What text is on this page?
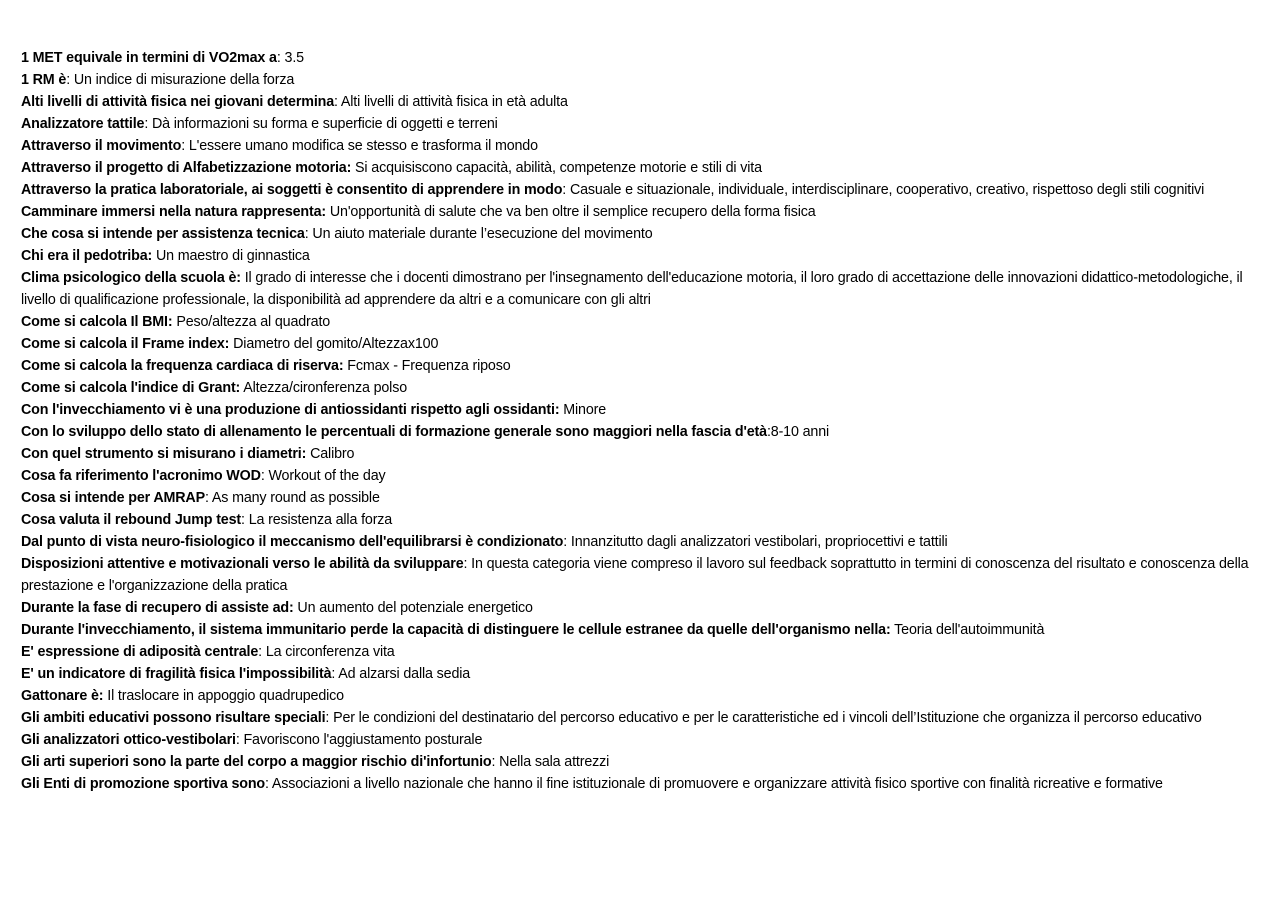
1 MET equivale in termini di VO2max a: 3.5

1 RM è: Un indice di misurazione della forza

Alti livelli di attività fisica nei giovani determina: Alti livelli di attività fisica in età adulta

Analizzatore tattile: Dà informazioni su forma e superficie di oggetti e terreni

Attraverso il movimento: L'essere umano modifica se stesso e trasforma il mondo

Attraverso il progetto di Alfabetizzazione motoria: Si acquisiscono capacità, abilità, competenze motorie e stili di vita

Attraverso la pratica laboratoriale, ai soggetti è consentito di apprendere in modo: Casuale e situazionale, individuale, interdisciplinare, cooperativo, creativo, rispettoso degli stili cognitivi

Camminare immersi nella natura rappresenta: Un'opportunità di salute che va ben oltre il semplice recupero della forma fisica

Che cosa si intende per assistenza tecnica: Un aiuto materiale durante l’esecuzione del movimento

Chi era il pedotriba: Un maestro di ginnastica

Clima psicologico della scuola è: Il grado di interesse che i docenti dimostrano per l'insegnamento dell'educazione motoria, il loro grado di accettazione delle innovazioni didattico-metodologiche, il livello di qualificazione professionale, la disponibilità ad apprendere da altri e a comunicare con gli altri

Come si calcola Il BMI: Peso/altezza al quadrato

Come si calcola il Frame index: Diametro del gomito/Altezzax100

Come si calcola la frequenza cardiaca di riserva: Fcmax - Frequenza riposo

Come si calcola l'indice di Grant: Altezza/cironferenza polso

Con l'invecchiamento vi è una produzione di antiossidanti rispetto agli ossidanti: Minore

Con lo sviluppo dello stato di allenamento le percentuali di formazione generale sono maggiori nella fascia d'età:8-10 anni

Con quel strumento si misurano i diametri: Calibro

Cosa fa riferimento l'acronimo WOD: Workout of the day

Cosa si intende per AMRAP: As many round as possible

Cosa valuta il rebound Jump test: La resistenza alla forza

Dal punto di vista neuro-fisiologico il meccanismo dell'equilibrarsi è condizionato: Innanzitutto dagli analizzatori vestibolari, propriocettivi e tattili

Disposizioni attentive e motivazionali verso le abilità da sviluppare: In questa categoria viene compreso il lavoro sul feedback soprattutto in termini di conoscenza del risultato e conoscenza della prestazione e l'organizzazione della pratica

Durante la fase di recupero di assiste ad: Un aumento del potenziale energetico

Durante l'invecchiamento, il sistema immunitario perde la capacità di distinguere le cellule estranee da quelle dell'organismo nella: Teoria dell'autoimmunità

E' espressione di adiposità centrale: La circonferenza vita

E' un indicatore di fragilità fisica l'impossibilità: Ad alzarsi dalla sedia

Gattonare è: Il traslocare in appoggio quadrupedico

Gli ambiti educativi possono risultare speciali: Per le condizioni del destinatario del percorso educativo e per le caratteristiche ed i vincoli dell’Istituzione che organizza il percorso educativo

Gli analizzatori ottico-vestibolari: Favoriscono l'aggiustamento posturale

Gli arti superiori sono la parte del corpo a maggior rischio di'infortunio: Nella sala attrezzi

Gli Enti di promozione sportiva sono: Associazioni a livello nazionale che hanno il fine istituzionale di promuovere e organizzare attività fisico sportive con finalità ricreative e formative
